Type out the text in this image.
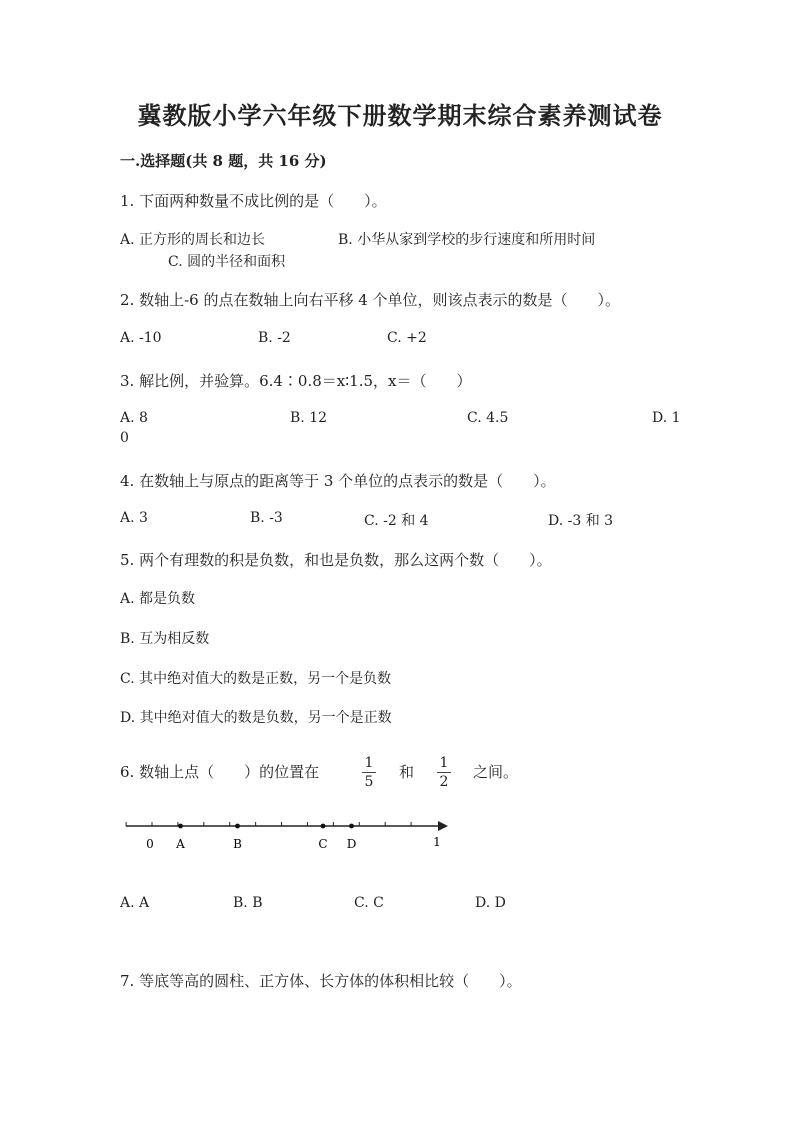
冀教版小学六年级下册数学期末综合素养测试卷
一.选择题(共 8 题，共 16 分)
1. 下面两种数量不成比例的是（　　）。
A. 正方形的周长和边长	B. 小华从家到学校的步行速度和所用时间
C. 圆的半径和面积
2. 数轴上-6 的点在数轴上向右平移 4 个单位，则该点表示的数是（　　）。
A. -10	B. -2	C. +2
3. 解比例，并验算。6.4∶0.8＝x∶1.5，x＝（　　）
A. 8	B. 12	C. 4.5	D. 1
0
4. 在数轴上与原点的距离等于 3 个单位的点表示的数是（　　）。
A. 3	B. -3	C. -2 和 4	D. -3 和 3
5. 两个有理数的积是负数，和也是负数，那么这两个数（　　）。
A. 都是负数
B. 互为相反数
C. 其中绝对值大的数是正数，另一个是负数
D. 其中绝对值大的数是负数，另一个是正数
6. 数轴上点（　　）的位置在	1
5
和 1
2
之间。
A	B	C D
0	1
A. A	B. B	C. C	D. D
7. 等底等高的圆柱、正方体、长方体的体积相比较（　　）。
